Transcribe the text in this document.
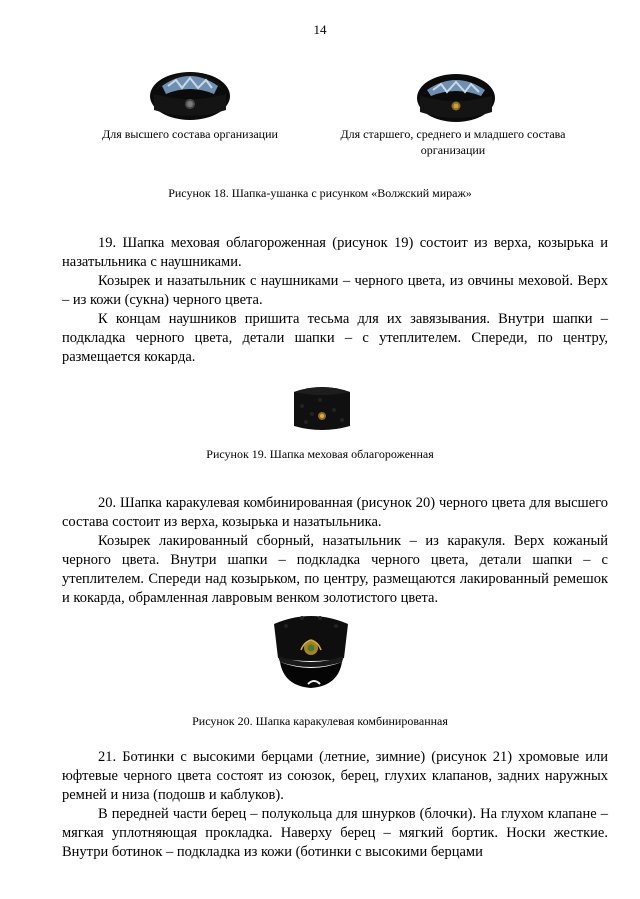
14
Для высшего состава организации	Для старшего, среднего и младшего состава организации
Рисунок 18. Шапка-ушанка с рисунком «Волжский мираж»

19. Шапка меховая облагороженная (рисунок 19) состоит из верха, козырька и назатыльника с наушниками.

Козырек и назатыльник с наушниками – черного цвета, из овчины меховой. Верх – из кожи (сукна) черного цвета.

К концам наушников пришита тесьма для их завязывания. Внутри шапки – подкладка черного цвета, детали шапки – с утеплителем. Спереди, по центру, размещается кокарда.

Рисунок 19. Шапка меховая облагороженная

20. Шапка каракулевая комбинированная (рисунок 20) черного цвета для высшего состава состоит из верха, козырька и назатыльника.

Козырек лакированный сборный, назатыльник – из каракуля. Верх кожаный черного цвета. Внутри шапки – подкладка черного цвета, детали шапки – с утеплителем. Спереди над козырьком, по центру, размещаются лакированный ремешок и кокарда, обрамленная лавровым венком золотистого цвета.

Рисунок 20. Шапка каракулевая комбинированная

21. Ботинки с высокими берцами (летние, зимние) (рисунок 21) хромовые или юфтевые черного цвета состоят из союзок, берец, глухих клапанов, задних наружных ремней и низа (подошв и каблуков).

В передней части берец – полукольца для шнурков (блочки). На глухом клапане – мягкая уплотняющая прокладка. Наверху берец – мягкий бортик. Носки жесткие. Внутри ботинок – подкладка из кожи (ботинки с высокими берцами
